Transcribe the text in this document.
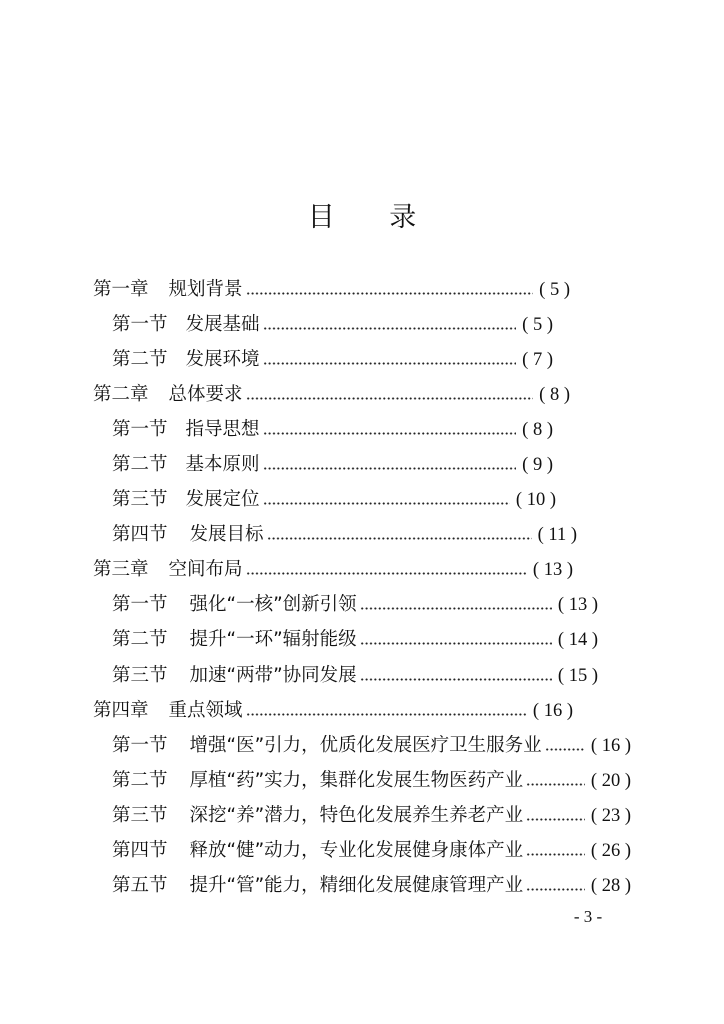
目 录
第一章 规划背景	( 5 )
第一节 发展基础	( 5 )
第二节 发展环境	( 7 )
第二章 总体要求	( 8 )
第一节 指导思想	( 8 )
第二节 基本原则	( 9 )
第三节 发展定位	( 10 )
第四节 发展目标	( 11 )
第三章 空间布局	( 13 )
第一节 强化“一核”创新引领	( 13 )
第二节 提升“一环”辐射能级	( 14 )
第三节 加速“两带”协同发展	( 15 )
第四章 重点领域	( 16 )
第一节 增强“医”引力，优质化发展医疗卫生服务业	( 16 )
第二节 厚植“药”实力，集群化发展生物医药产业	( 20 )
第三节 深挖“养”潜力，特色化发展养生养老产业	( 23 )
第四节 释放“健”动力，专业化发展健身康体产业	( 26 )
第五节 提升“管”能力，精细化发展健康管理产业	( 28 )
- 3 -
